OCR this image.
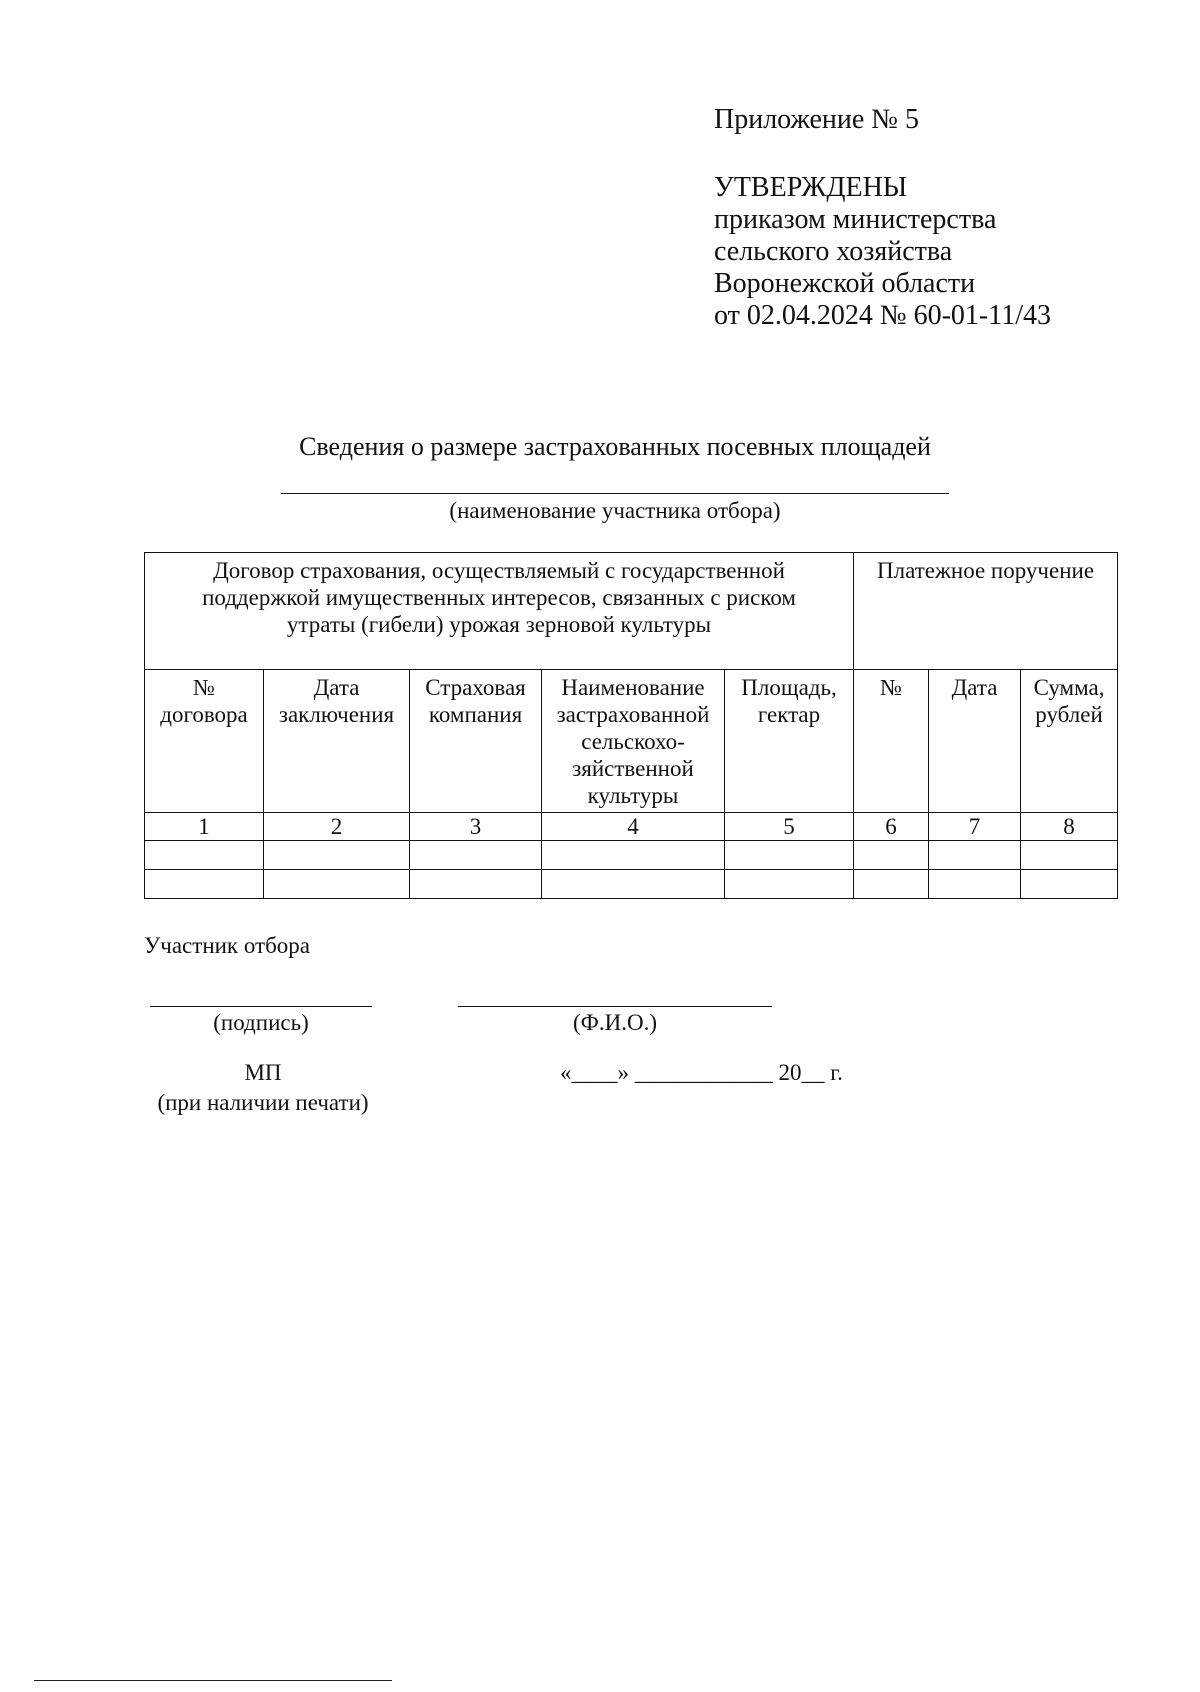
Приложение № 5
УТВЕРЖДЕНЫ
приказом министерства
сельского хозяйства
Воронежской области
от 02.04.2024 № 60-01-11/43
Сведения о размере застрахованных посевных площадей
(наименование участника отбора)
Договор страхования, осуществляемый с государственной поддержкой имущественных интересов, связанных с риском утраты (гибели) урожая зерновой культуры					Платежное поручение		
№ договора	Дата заключения	Страховая компания	Наименование застрахованной сельскохо-зяйственной культуры	Площадь, гектар	№	Дата	Сумма, рублей
1	2	3	4	5	6	7	8

Участник отбора
(подпись)	(Ф.И.О.)
МП
(при наличии печати)
«____» ____________ 20__ г.
